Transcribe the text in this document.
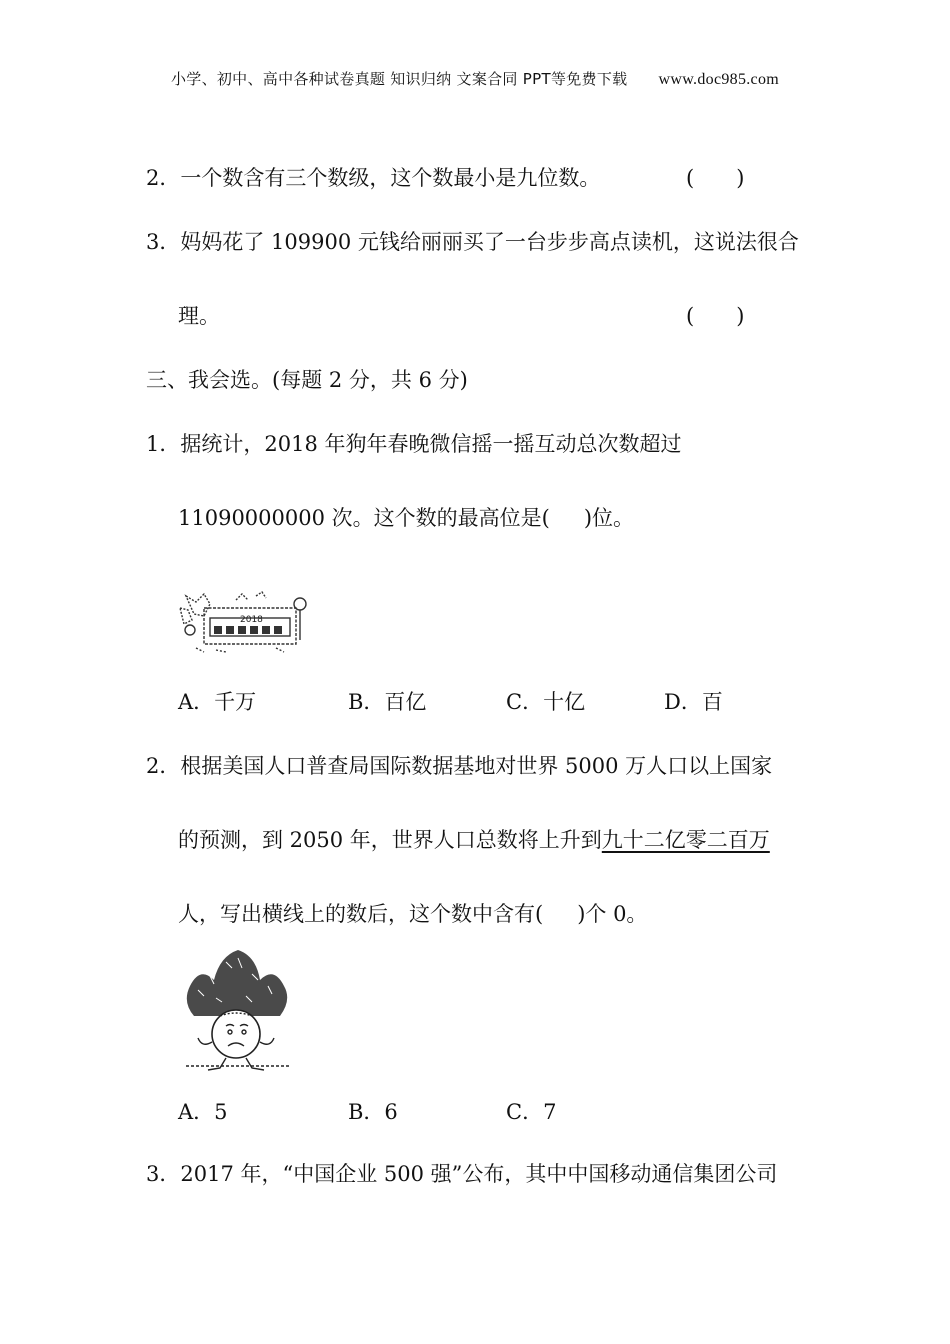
小学、初中、高中各种试卷真题 知识归纳 文案合同 PPT等免费下载 www.doc985.com
2．一个数含有三个数级，这个数最小是九位数。	(　　)
3．妈妈花了 109900 元钱给丽丽买了一台步步高点读机，这说法很合
理。	(　　)
三、我会选。(每题 2 分，共 6 分)
1．据统计，2018 年狗年春晚微信摇一摇互动总次数超过
11090000000 次。这个数的最高位是( )位。
2018
A．千万	B．百亿	C．十亿	D．百
2．根据美国人口普查局国际数据基地对世界 5000 万人口以上国家
的预测，到 2050 年，世界人口总数将上升到九十二亿零二百万
人，写出横线上的数后，这个数中含有( )个 0。
A．5	B．6	C．7
3．2017 年，“中国企业 500 强”公布，其中中国移动通信集团公司
